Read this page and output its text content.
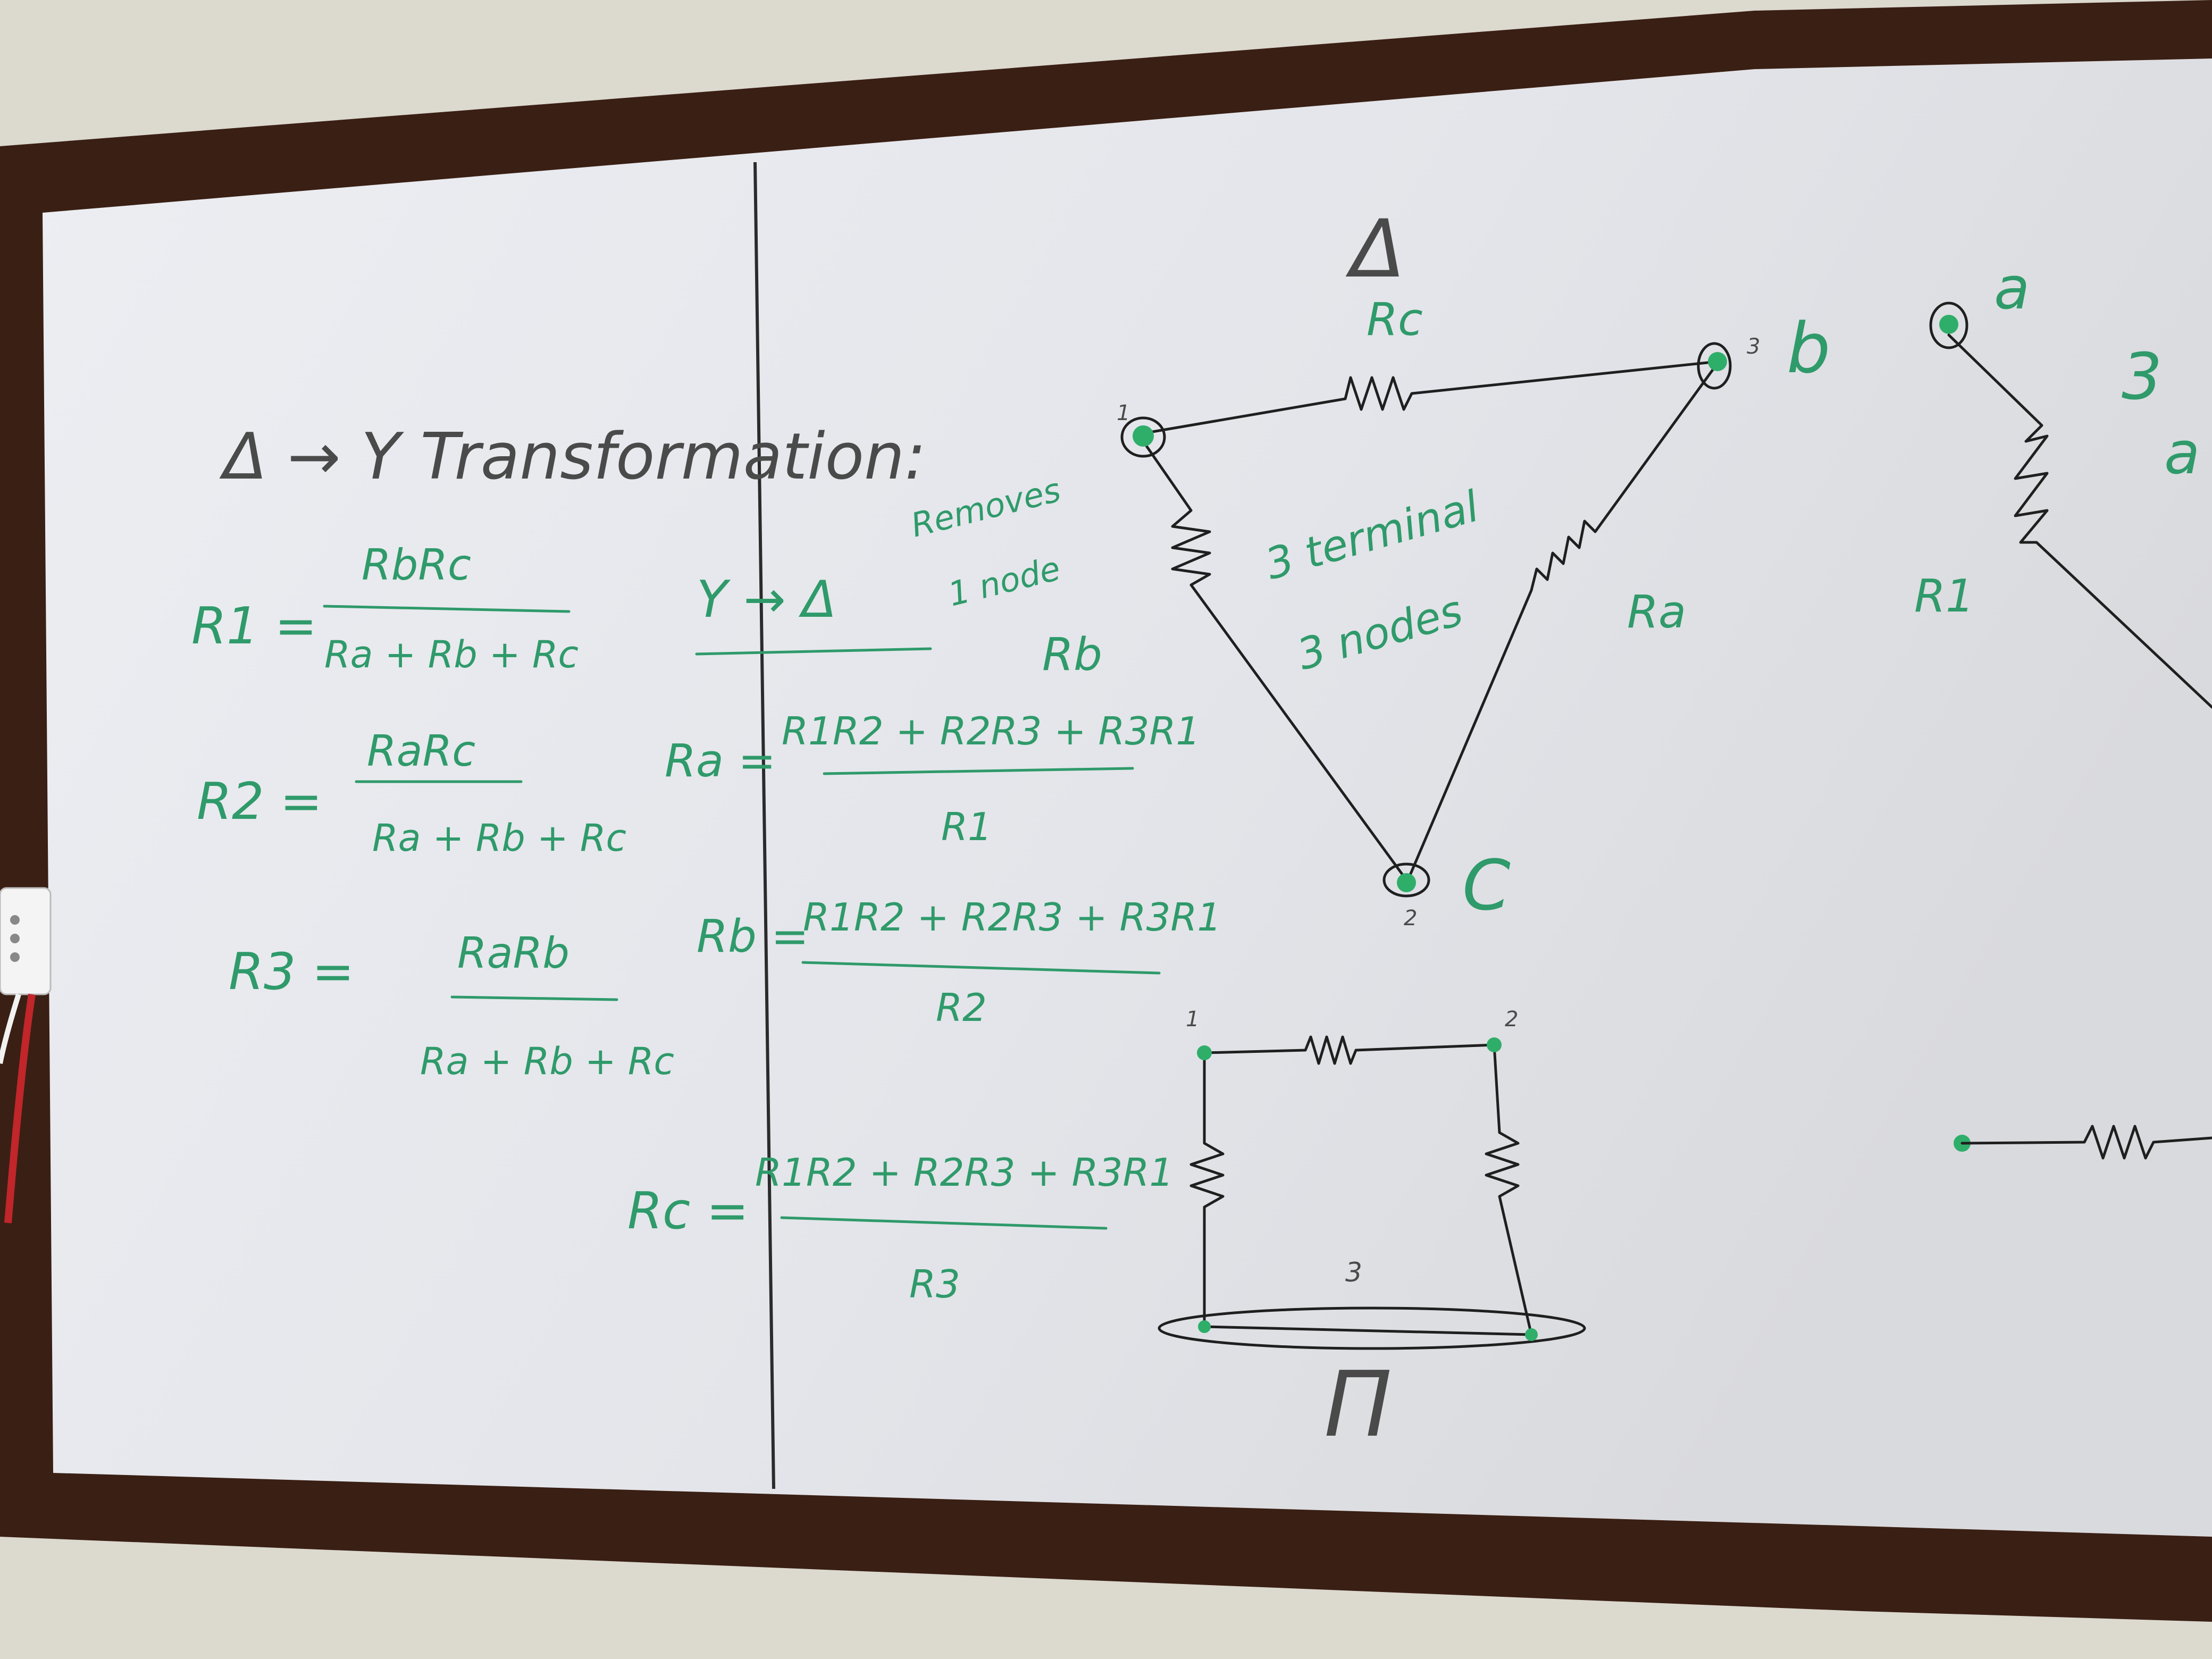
Δ → Y Transformation:
R1 =
RbRc
Ra + Rb + Rc
R2 =
RaRc
Ra + Rb + Rc
R3 = RaRb
Ra + Rb + Rc
Y → Δ
Removes
1 node
Ra =
R1R2 + R2R3 + R3R1
R1
Rb =
R1R2 + R2R3 + R3R1
R2
Rc =
R1R2 + R2R3 + R3R1
R3
Δ
Rc
Rb
Ra
1
3
2
b
C
3 terminal
3 nodes
1	2
3
Π
a
3
a
R1
